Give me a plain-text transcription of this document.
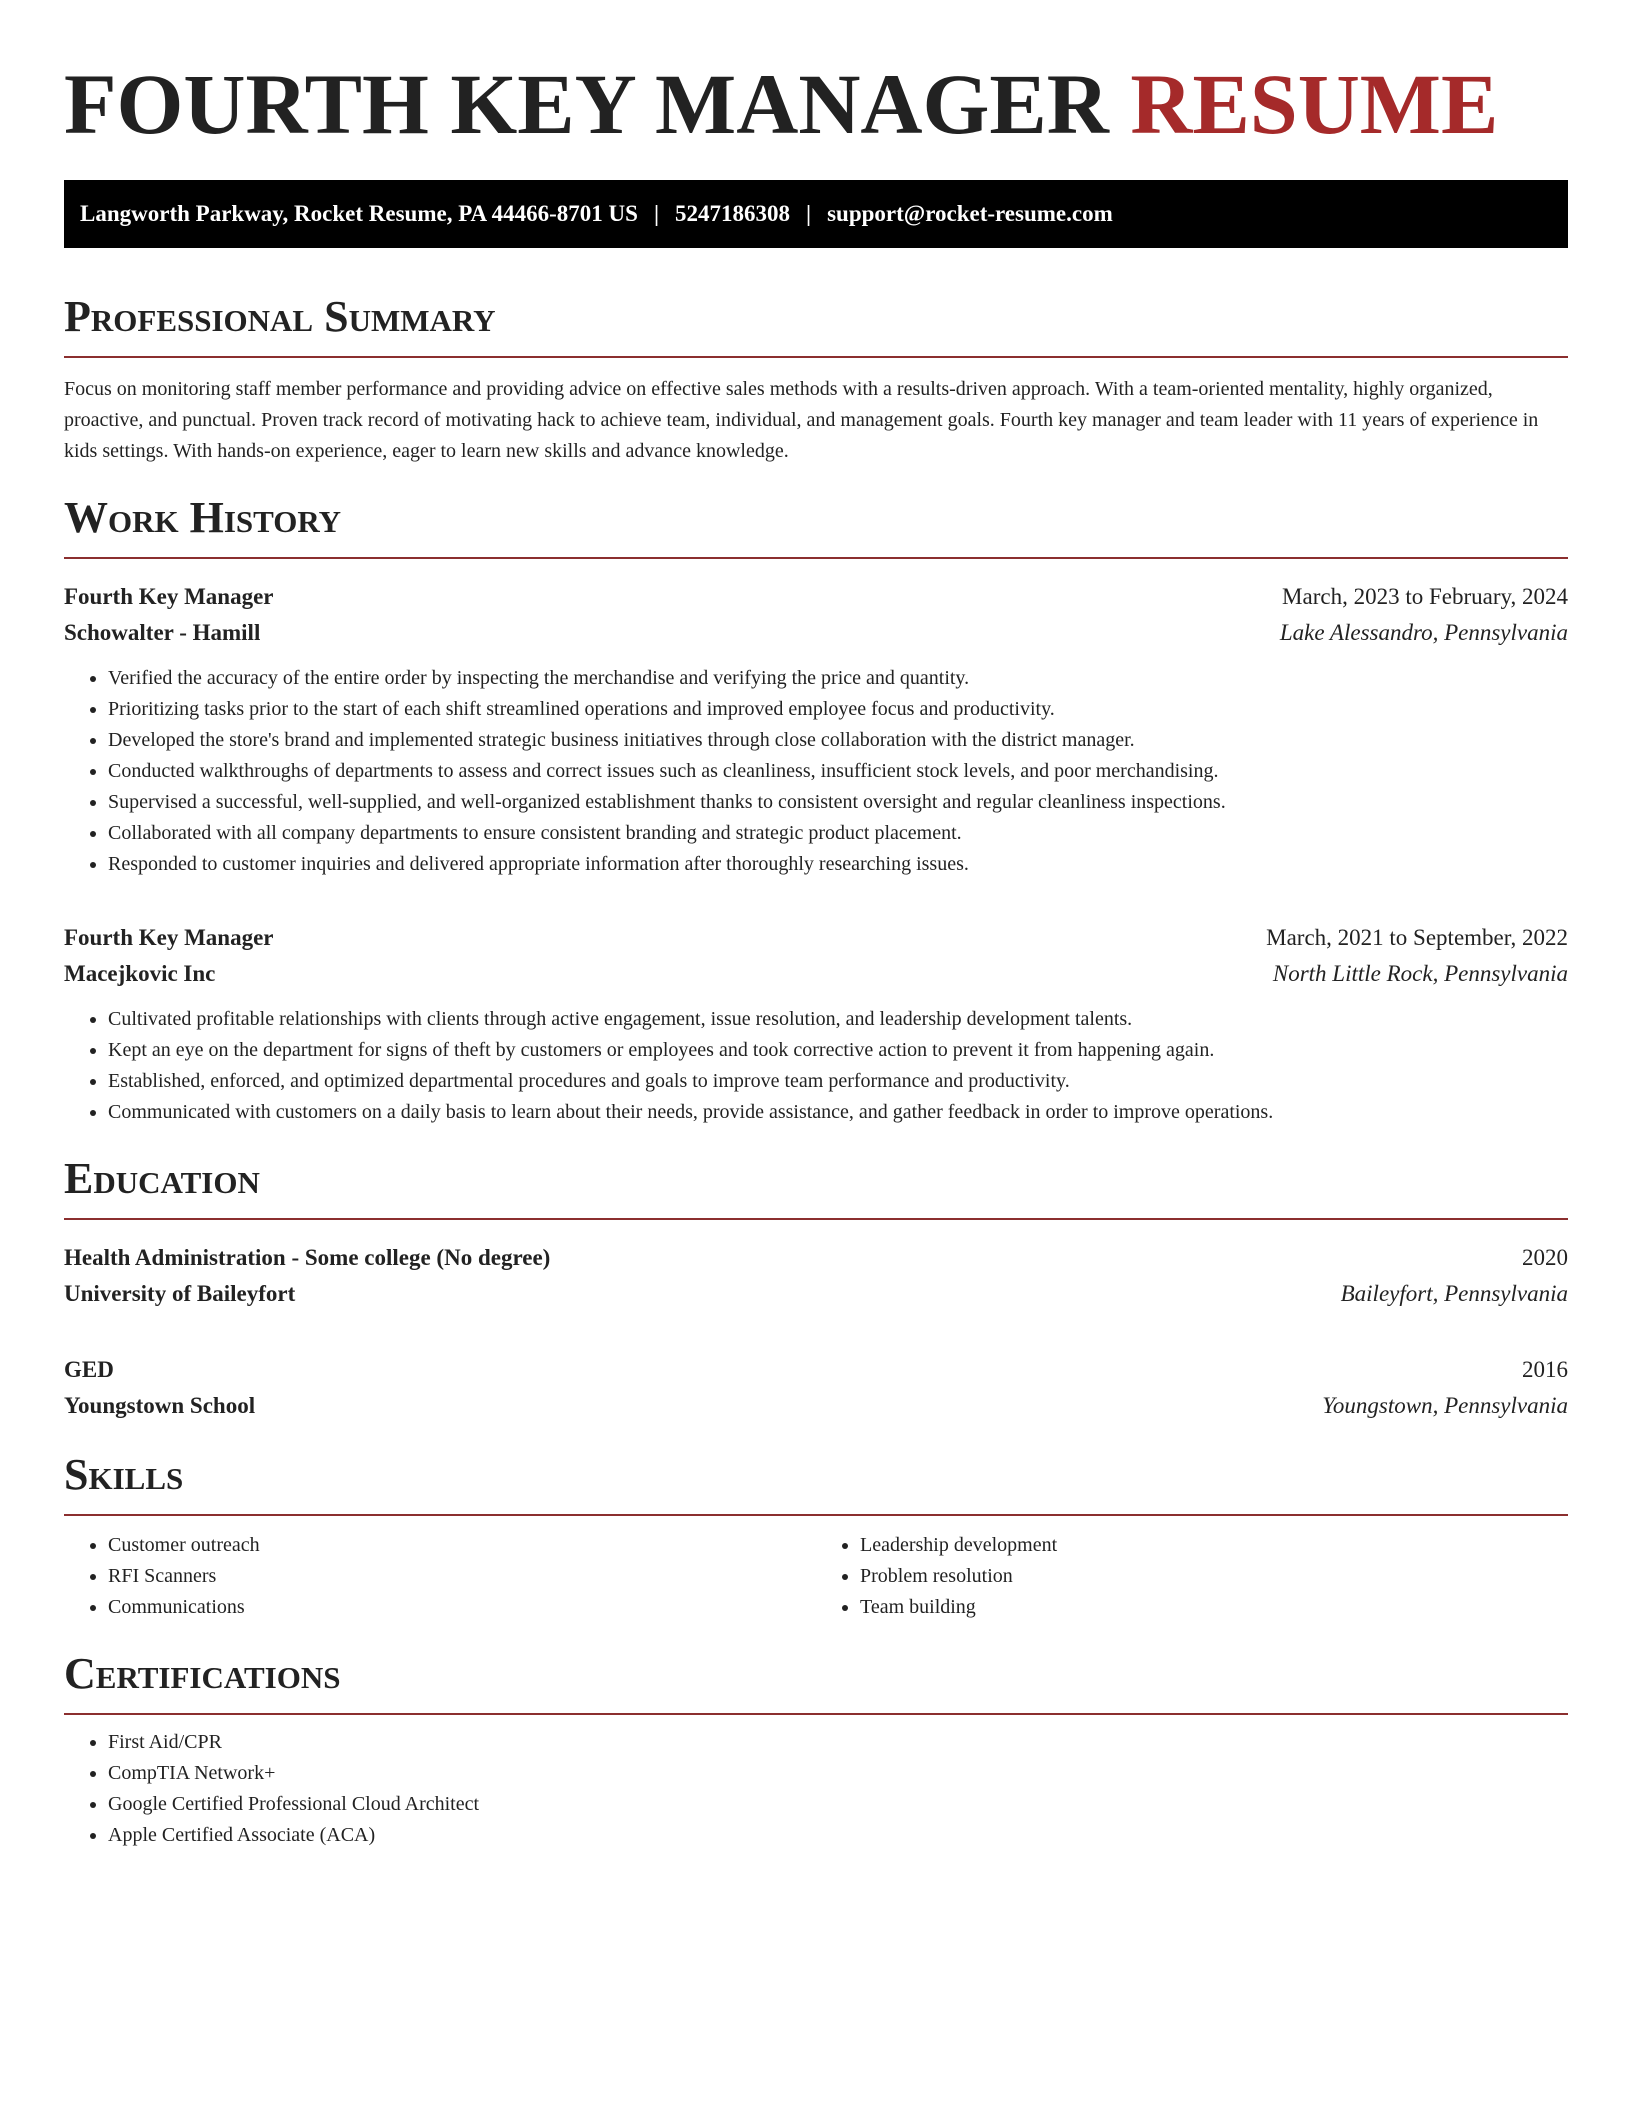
FOURTH KEY MANAGER RESUME
Langworth Parkway, Rocket Resume, PA 44466-8701 US | 5247186308 | support@rocket-resume.com
Professional Summary

Focus on monitoring staff member performance and providing advice on effective sales methods with a results-driven approach. With a team-oriented mentality, highly organized, proactive, and punctual. Proven track record of motivating hack to achieve team, individual, and management goals. Fourth key manager and team leader with 11 years of experience in kids settings. With hands-on experience, eager to learn new skills and advance knowledge.

Work History
Fourth Key Manager	March, 2023 to February, 2024
Schowalter - Hamill	Lake Alessandro, Pennsylvania
• Verified the accuracy of the entire order by inspecting the merchandise and verifying the price and quantity.
• Prioritizing tasks prior to the start of each shift streamlined operations and improved employee focus and productivity.
• Developed the store's brand and implemented strategic business initiatives through close collaboration with the district manager.
• Conducted walkthroughs of departments to assess and correct issues such as cleanliness, insufficient stock levels, and poor merchandising.
• Supervised a successful, well-supplied, and well-organized establishment thanks to consistent oversight and regular cleanliness inspections.
• Collaborated with all company departments to ensure consistent branding and strategic product placement.
• Responded to customer inquiries and delivered appropriate information after thoroughly researching issues.
Fourth Key Manager	March, 2021 to September, 2022
Macejkovic Inc	North Little Rock, Pennsylvania
• Cultivated profitable relationships with clients through active engagement, issue resolution, and leadership development talents.
• Kept an eye on the department for signs of theft by customers or employees and took corrective action to prevent it from happening again.
• Established, enforced, and optimized departmental procedures and goals to improve team performance and productivity.
• Communicated with customers on a daily basis to learn about their needs, provide assistance, and gather feedback in order to improve operations.
Education
Health Administration - Some college (No degree)	2020
University of Baileyfort	Baileyfort, Pennsylvania
GED	2016
Youngstown School	Youngstown, Pennsylvania
Skills
• Customer outreach
• RFI Scanners
• Communications
• Leadership development
• Problem resolution
• Team building
Certifications
• First Aid/CPR
• CompTIA Network+
• Google Certified Professional Cloud Architect
• Apple Certified Associate (ACA)
